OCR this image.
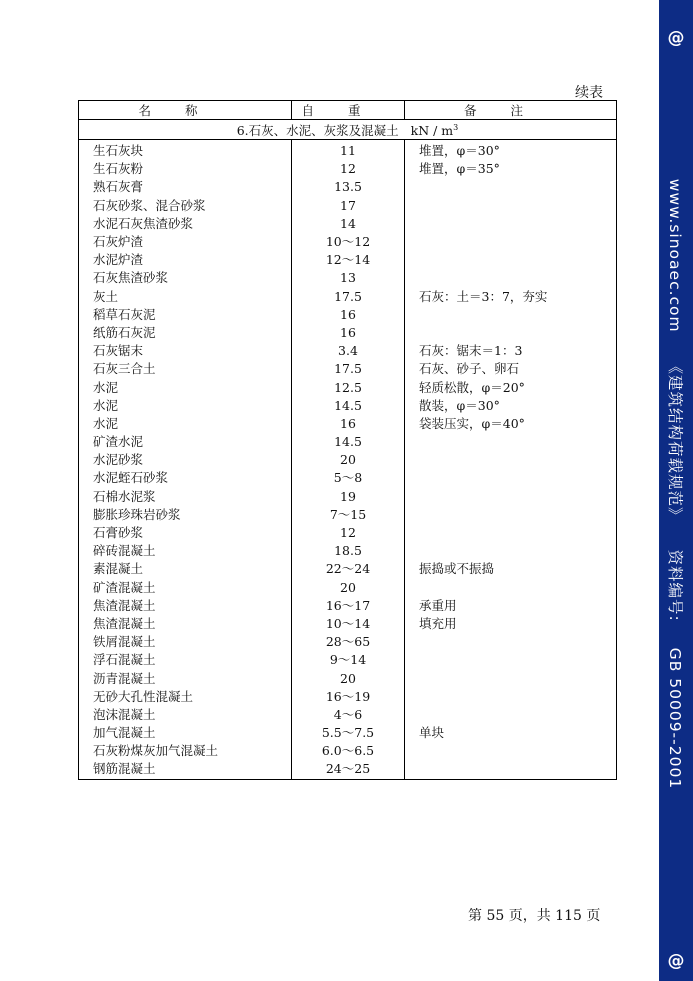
@
www.sinoaec.com 《建筑结构荷载规范》 资料编号: GB 50009--2001
@
续表
名称	自重	备注
6.石灰、水泥、灰浆及混凝土 kN / $m^3$
生石灰块	11	堆置，φ＝30°
生石灰粉	12	堆置，φ＝35°
熟石灰膏	13.5	
石灰砂浆、混合砂浆	17	
水泥石灰焦渣砂浆	14	
石灰炉渣	10～12	
水泥炉渣	12～14	
石灰焦渣砂浆	13	
灰土	17.5	石灰：土＝3：7，夯实
稻草石灰泥	16	
纸筋石灰泥	16	
石灰锯末	3.4	石灰：锯末＝1：3
石灰三合土	17.5	石灰、砂子、卵石
水泥	12.5	轻质松散，φ＝20°
水泥	14.5	散装，φ＝30°
水泥	16	袋装压实，φ＝40°
矿渣水泥	14.5	
水泥砂浆	20	
水泥蛭石砂浆	5～8	
石棉水泥浆	19	
膨胀珍珠岩砂浆	7～15	
石膏砂浆	12	
碎砖混凝土	18.5	
素混凝土	22～24	振捣或不振捣
矿渣混凝土	20	
焦渣混凝土	16～17	承重用
焦渣混凝土	10～14	填充用
铁屑混凝土	28～65	
浮石混凝土	9～14	
沥青混凝土	20	
无砂大孔性混凝土	16～19	
泡沫混凝土	4～6	
加气混凝土	5.5～7.5	单块
石灰粉煤灰加气混凝土	6.0～6.5	
钢筋混凝土	24～25	
第 55 页，共 115 页
